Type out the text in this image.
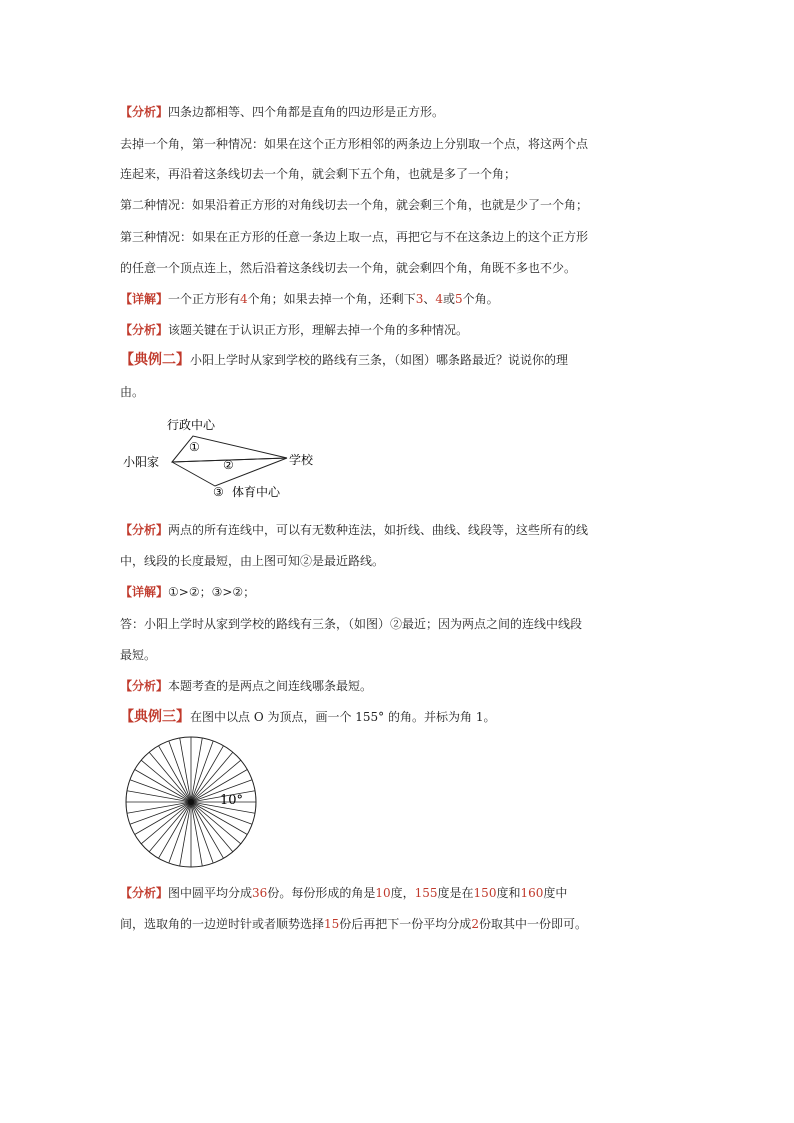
【分析】四条边都相等、四个角都是直角的四边形是正方形。
去掉一个角，第一种情况：如果在这个正方形相邻的两条边上分别取一个点，将这两个点
连起来，再沿着这条线切去一个角，就会剩下五个角，也就是多了一个角；
第二种情况：如果沿着正方形的对角线切去一个角，就会剩三个角，也就是少了一个角；
第三种情况：如果在正方形的任意一条边上取一点，再把它与不在这条边上的这个正方形
的任意一个顶点连上，然后沿着这条线切去一个角，就会剩四个角，角既不多也不少。
【详解】一个正方形有4个角；如果去掉一个角，还剩下3、4或5个角。
【分析】该题关键在于认识正方形，理解去掉一个角的多种情况。
【典例二】小阳上学时从家到学校的路线有三条，（如图）哪条路最近？说说你的理
由。
行政中心
①
②
小阳家	学校
③ 体育中心
【分析】两点的所有连线中，可以有无数种连法，如折线、曲线、线段等，这些所有的线
中，线段的长度最短，由上图可知②是最近路线。
【详解】①>②；③>②；
答：小阳上学时从家到学校的路线有三条，（如图）②最近；因为两点之间的连线中线段
最短。
【分析】本题考查的是两点之间连线哪条最短。
【典例三】在图中以点 O 为顶点，画一个 155° 的角。并标为角 1。
10°
【分析】图中圆平均分成36份。每份形成的角是10度，155度是在150度和160度中
间，选取角的一边逆时针或者顺势选择15份后再把下一份平均分成2份取其中一份即可。
